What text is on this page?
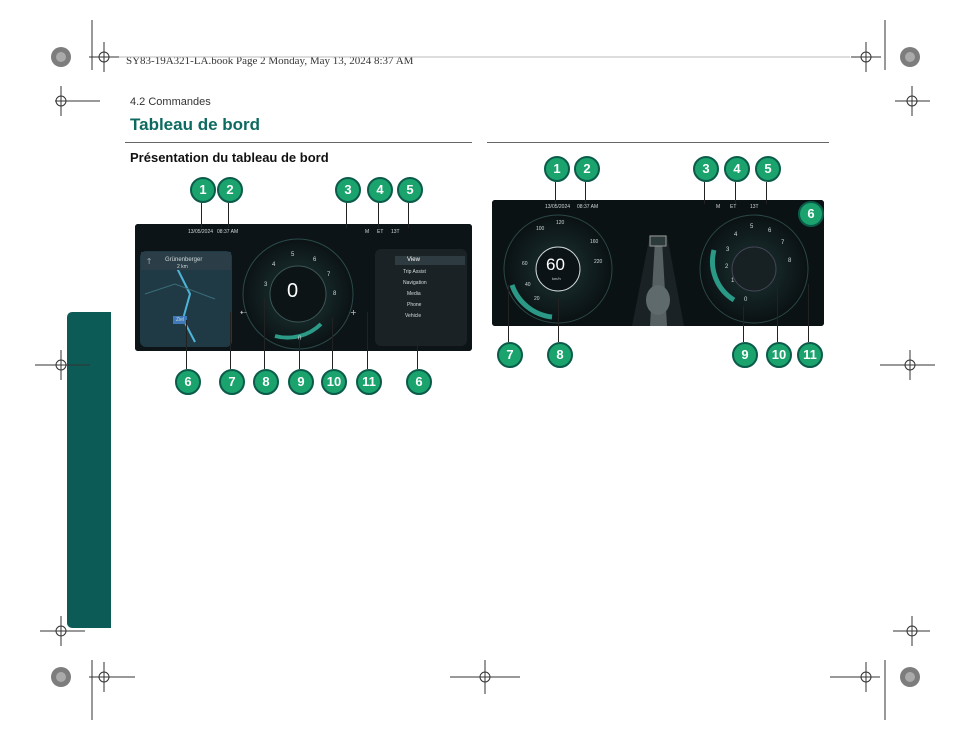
SY83-19A321-LA.book Page 2 Monday, May 13, 2024 8:37 AM
4.2 Commandes
Tableau de bord
Présentation du tableau de bord
⇠	+
13/05/2024 08:37 AM	M ET 13T
Grünenberger
2 km
🡑
Ziel
0
3
4
5
6
7
8
0
View
Trip Assist
Navigation
Media
Phone
Vehicle
1	2	3	4	5
6	7	8	9	10	11	6
13/05/2024 08:37 AM	M ET	13T
60
km/h
20
40
60
100
120
160
220
1
2
3
4
5
6
7
8
0
1	2	3	4	5
6
7	8	9	10	11
